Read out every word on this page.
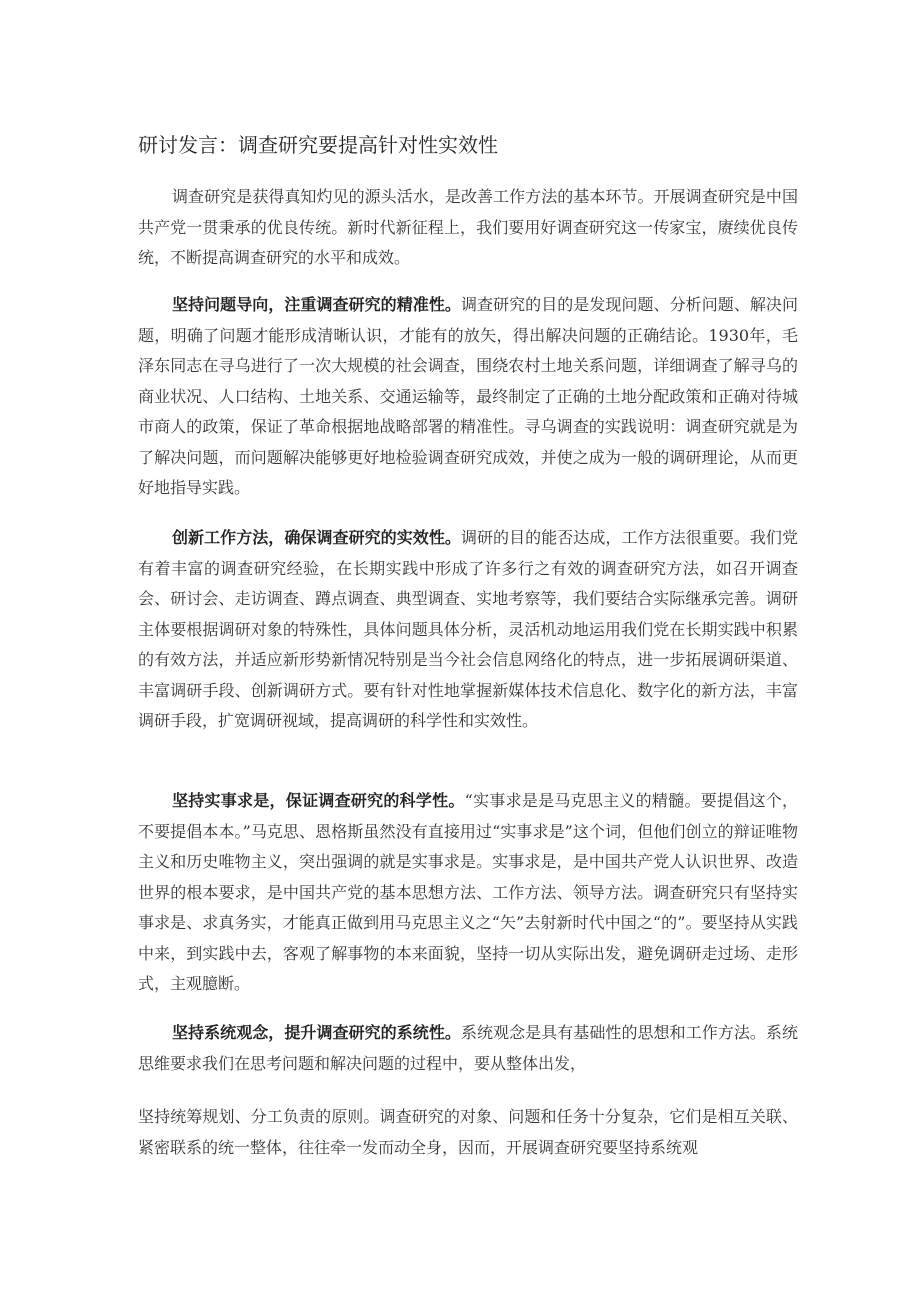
研讨发言：调查研究要提高针对性实效性

调查研究是获得真知灼见的源头活水，是改善工作方法的基本环节。开展调查研究是中国共产党一贯秉承的优良传统。新时代新征程上，我们要用好调查研究这一传家宝，赓续优良传统，不断提高调查研究的水平和成效。

坚持问题导向，注重调查研究的精准性。调查研究的目的是发现问题、分析问题、解决问题，明确了问题才能形成清晰认识，才能有的放矢，得出解决问题的正确结论。1930年，毛泽东同志在寻乌进行了一次大规模的社会调查，围绕农村土地关系问题，详细调查了解寻乌的商业状况、人口结构、土地关系、交通运输等，最终制定了正确的土地分配政策和正确对待城市商人的政策，保证了革命根据地战略部署的精准性。寻乌调查的实践说明：调查研究就是为了解决问题，而问题解决能够更好地检验调查研究成效，并使之成为一般的调研理论，从而更好地指导实践。

创新工作方法，确保调查研究的实效性。调研的目的能否达成，工作方法很重要。我们党有着丰富的调查研究经验，在长期实践中形成了许多行之有效的调查研究方法，如召开调查会、研讨会、走访调查、蹲点调查、典型调查、实地考察等，我们要结合实际继承完善。调研主体要根据调研对象的特殊性，具体问题具体分析，灵活机动地运用我们党在长期实践中积累的有效方法，并适应新形势新情况特别是当今社会信息网络化的特点，进一步拓展调研渠道、丰富调研手段、创新调研方式。要有针对性地掌握新媒体技术信息化、数字化的新方法，丰富调研手段，扩宽调研视域，提高调研的科学性和实效性。

坚持实事求是，保证调查研究的科学性。“实事求是是马克思主义的精髓。要提倡这个，不要提倡本本。”马克思、恩格斯虽然没有直接用过“实事求是”这个词，但他们创立的辩证唯物主义和历史唯物主义，突出强调的就是实事求是。实事求是，是中国共产党人认识世界、改造世界的根本要求，是中国共产党的基本思想方法、工作方法、领导方法。调查研究只有坚持实事求是、求真务实，才能真正做到用马克思主义之“矢”去射新时代中国之“的”。要坚持从实践中来，到实践中去，客观了解事物的本来面貌，坚持一切从实际出发，避免调研走过场、走形式，主观臆断。

坚持系统观念，提升调查研究的系统性。系统观念是具有基础性的思想和工作方法。系统思维要求我们在思考问题和解决问题的过程中，要从整体出发，

坚持统筹规划、分工负责的原则。调查研究的对象、问题和任务十分复杂，它们是相互关联、紧密联系的统一整体，往往牵一发而动全身，因而，开展调查研究要坚持系统观
